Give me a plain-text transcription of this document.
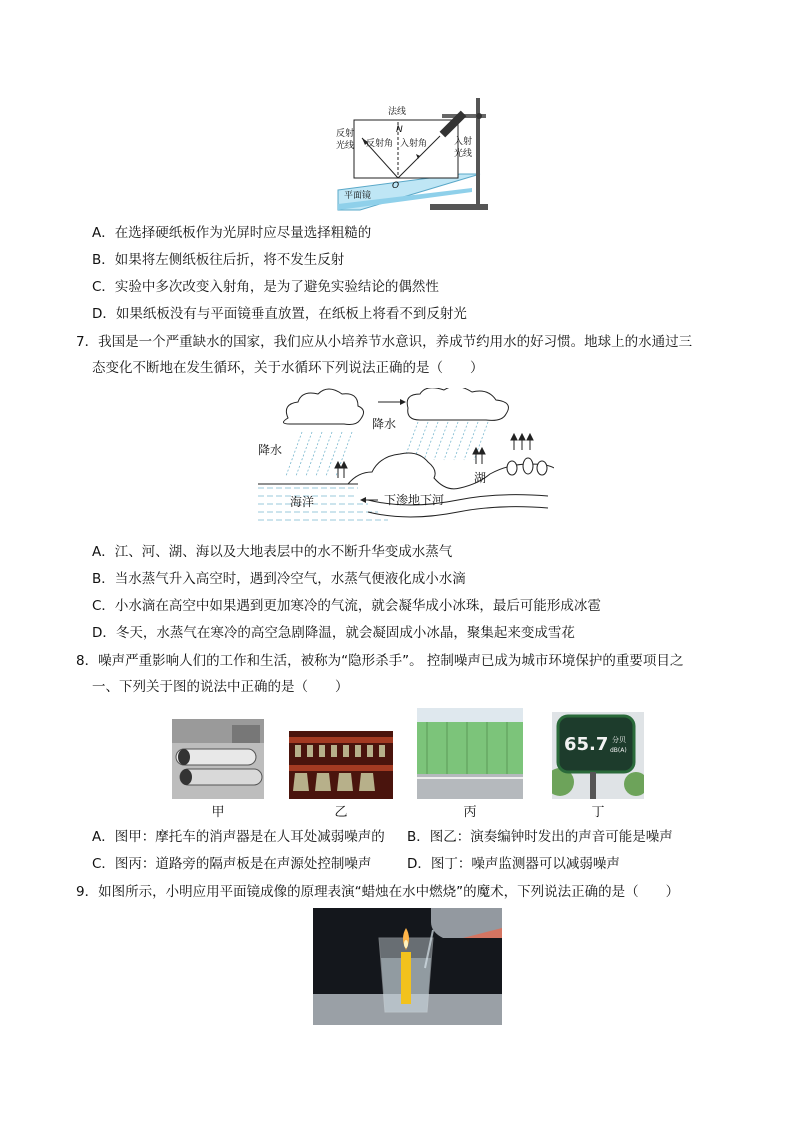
法线
N
反射
光线 反射角 入射角	入射
光线
O
平面镜
A．在选择硬纸板作为光屏时应尽量选择粗糙的
B．如果将左侧纸板往后折，将不发生反射
C．实验中多次改变入射角，是为了避免实验结论的偶然性
D．如果纸板没有与平面镜垂直放置，在纸板上将看不到反射光
7．我国是一个严重缺水的国家，我们应从小培养节水意识，养成节约用水的好习惯。地球上的水通过三
态变化不断地在发生循环，关于水循环下列说法正确的是（　　）
降水
降水
湖
海洋	下渗地下河
A．江、河、湖、海以及大地表层中的水不断升华变成水蒸气
B．当水蒸气升入高空时，遇到冷空气，水蒸气便液化成小水滴
C．小水滴在高空中如果遇到更加寒冷的气流，就会凝华成小冰珠，最后可能形成冰雹
D．冬天，水蒸气在寒冷的高空急剧降温，就会凝固成小冰晶，聚集起来变成雪花
8．噪声严重影响人们的工作和生活，被称为“隐形杀手”。 控制噪声已成为城市环境保护的重要项目之
一、下列关于图的说法中正确的是（　　）
65.7 分贝
dB(A)
甲	乙	丙	丁
A．图甲：摩托车的消声器是在人耳处减弱噪声的 B．图乙：演奏编钟时发出的声音可能是噪声
C．图丙：道路旁的隔声板是在声源处控制噪声	D．图丁：噪声监测器可以减弱噪声
9．如图所示，小明应用平面镜成像的原理表演“蜡烛在水中燃烧”的魔术，下列说法正确的是（　　）
